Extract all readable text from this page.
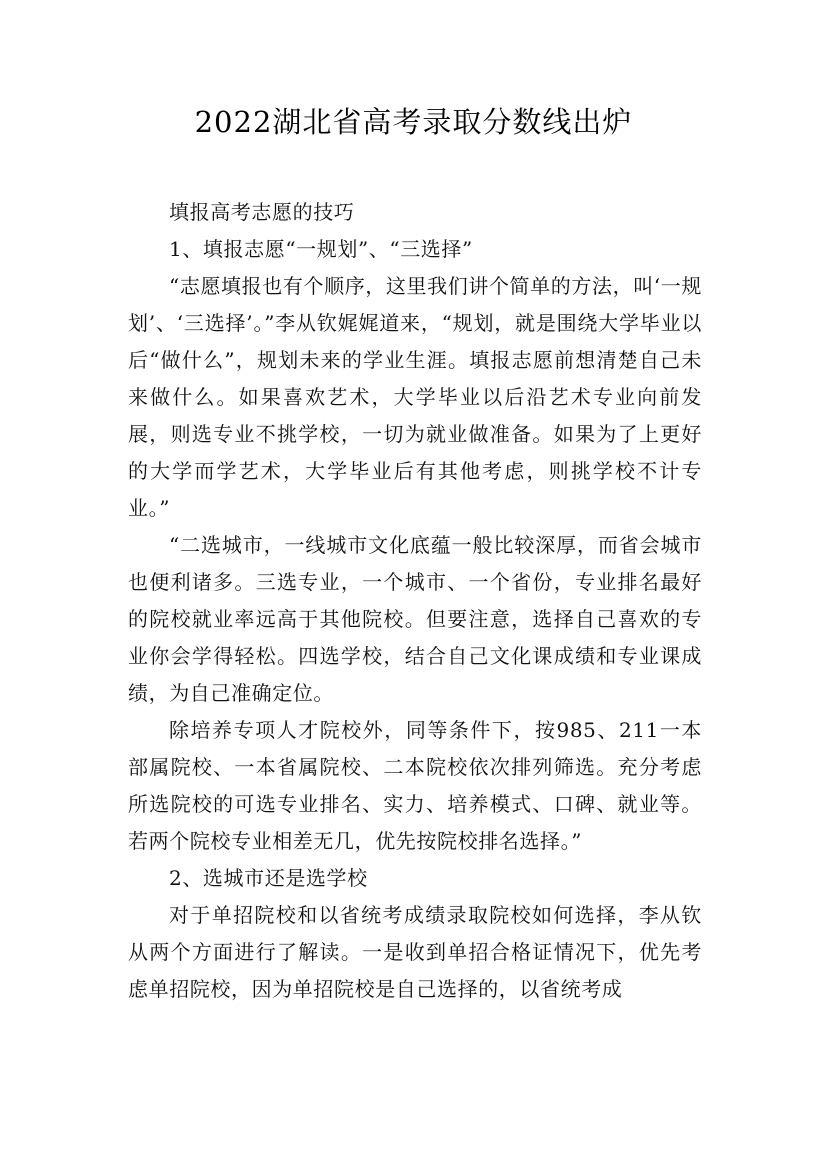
2022湖北省高考录取分数线出炉

填报高考志愿的技巧

1、填报志愿“一规划”、“三选择”

“志愿填报也有个顺序，这里我们讲个简单的方法，叫‘一规划’、‘三选择’。”李从钦娓娓道来，“规划，就是围绕大学毕业以后“做什么”，规划未来的学业生涯。填报志愿前想清楚自己未来做什么。如果喜欢艺术，大学毕业以后沿艺术专业向前发展，则选专业不挑学校，一切为就业做准备。如果为了上更好的大学而学艺术，大学毕业后有其他考虑，则挑学校不计专业。”

“二选城市，一线城市文化底蕴一般比较深厚，而省会城市也便利诸多。三选专业，一个城市、一个省份，专业排名最好的院校就业率远高于其他院校。但要注意，选择自己喜欢的专业你会学得轻松。四选学校，结合自己文化课成绩和专业课成绩，为自己准确定位。

除培养专项人才院校外，同等条件下，按985、211一本部属院校、一本省属院校、二本院校依次排列筛选。充分考虑所选院校的可选专业排名、实力、培养模式、口碑、就业等。若两个院校专业相差无几，优先按院校排名选择。”

2、选城市还是选学校

对于单招院校和以省统考成绩录取院校如何选择，李从钦从两个方面进行了解读。一是收到单招合格证情况下，优先考虑单招院校，因为单招院校是自己选择的，以省统考成
